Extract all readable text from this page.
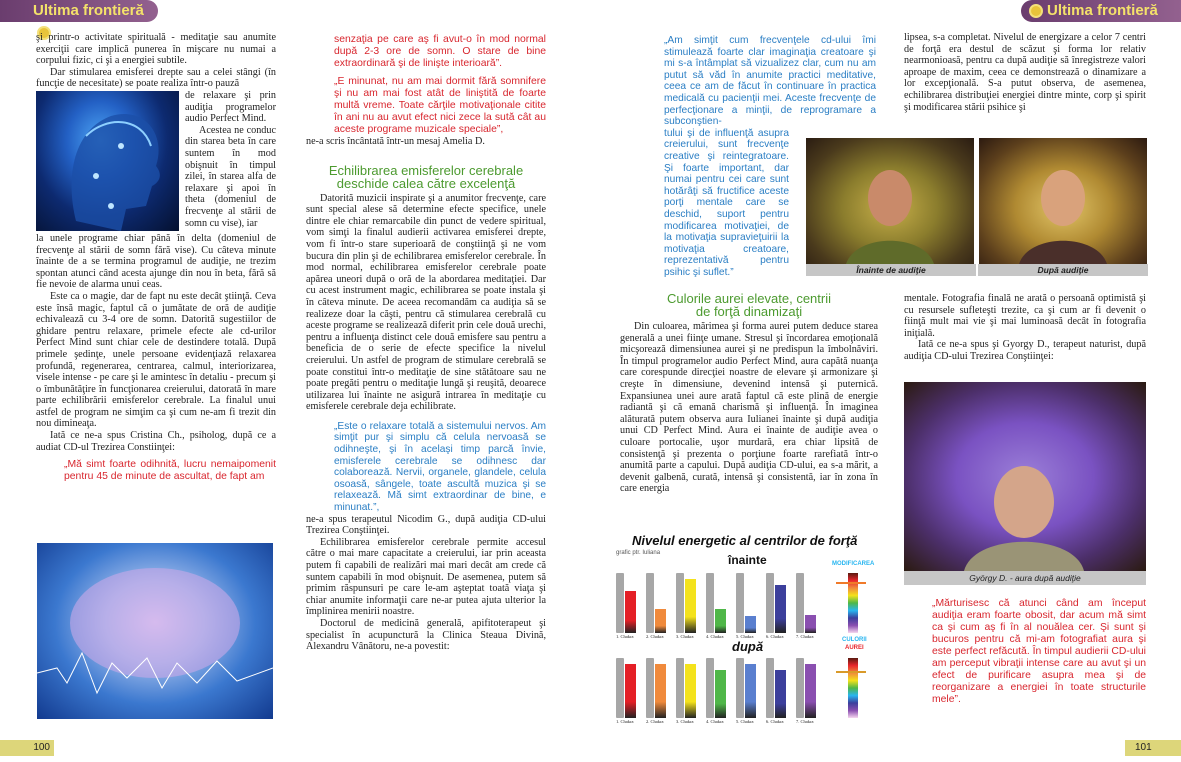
Ultima frontieră

şi printr-o activitate spirituală - meditaţie sau anumite exerciţii care implică punerea în mişcare nu numai a corpului fizic, ci şi a energiei subtile.

Dar stimularea emisferei drepte sau a celei stângi (în funcţie de necesitate) se poate realiza într-o pauză

de relaxare şi prin audiţia programelor audio Perfect Mind.

Acestea ne conduc din starea beta în care suntem în mod obişnuit în timpul zilei, în starea alfa de relaxare şi apoi în theta (domeniul de frecvenţe al stării de somn cu vise), iar

la unele programe chiar până în delta (domeniul de frecvenţe al stării de somn fără vise). Cu câteva minute înainte de a se termina programul de audiţie, ne trezim spontan atunci când acesta ajunge din nou în beta, fără să fie nevoie de alarma unui ceas.

Este ca o magie, dar de fapt nu este decât ştiinţă. Ceva este însă magic, faptul că o jumătate de oră de audiţie echivalează cu 3-4 ore de somn. Datorită sugestiilor de ghidare pentru relaxare, primele efecte ale cd-urilor Perfect Mind sunt chiar cele de destindere totală. După primele şedinţe, unele persoane evidenţiază relaxarea profundă, regenerarea, centrarea, calmul, interiorizarea, visele intense - pe care şi le amintesc în detaliu - precum şi o îmbunătăţire în funcţionarea creierului, datorată în mare parte echilibrării emisferelor cerebrale. La finalul unui astfel de program ne simţim ca şi cum ne-am fi trezit din nou dimineaţa.

Iată ce ne-a spus Cristina Ch., psiholog, după ce a audiat CD-ul Trezirea Constiinţei:

„Mă simt foarte odihnită, lucru nemaipomenit pentru 45 de minute de ascultat, de fapt am

senzaţia pe care aş fi avut-o în mod normal după 2-3 ore de somn. O stare de bine extraordinară şi de linişte interioară”.

„E minunat, nu am mai dormit fără somnifere şi nu am mai fost atât de liniştită de foarte multă vreme. Toate cărţile motivaţionale citite în ani nu au avut efect nici zece la sută cât au aceste programe muzicale speciale”,

ne-a scris încântată într-un mesaj Amelia D.

Echilibrarea emisferelor cerebrale deschide calea către excelenţă

Datorită muzicii inspirate şi a anumitor frecvenţe, care sunt special alese să determine efecte specifice, unele dintre ele chiar remarcabile din punct de vedere spiritual, vom simţi la finalul audierii activarea emisferei drepte, vom fi într-o stare superioară de conştiinţă şi ne vom bucura din plin şi de echilibrarea emisferelor cerebrale. În mod normal, echilibrarea emisferelor cerebrale poate apărea uneori după o oră de la abordarea meditaţiei. Dar cu acest instrument magic, echilibrarea se poate instala şi în câteva minute. De aceea recomandăm ca audiţia să se realizeze doar la căşti, pentru că stimularea cerebrală cu aceste programe se realizează diferit prin cele două urechi, pentru a influenţa distinct cele două emisfere sau pentru a beneficia de o serie de efecte specifice la nivelul creierului. Un astfel de program de stimulare cerebrală se poate constitui într-o meditaţie de sine stătătoare sau ne poate pregăti pentru o meditaţie lungă şi reuşită, deoarece utilizarea lui înainte ne asigură intrarea în meditaţie cu emisferele cerebrale deja echilibrate.

„Este o relaxare totală a sistemului nervos. Am simţit pur şi simplu că celula nervoasă se odihneşte, şi în acelaşi timp parcă învie, emisferele cerebrale se odihnesc dar colaborează. Nervii, organele, glandele, celula osoasă, sângele, toate ascultă muzica şi se relaxează. Mă simt extraordinar de bine, e minunat.”,

ne-a spus terapeutul Nicodim G., după audiţia CD-ului Trezirea Conştiinţei.

Echilibrarea emisferelor cerebrale permite accesul către o mai mare capacitate a creierului, iar prin aceasta putem fi capabili de realizări mai mari decât am crede că suntem capabili în mod obişnuit. De asemenea, putem să primim răspunsuri pe care le-am aşteptat toată viaţa şi chiar anumite informaţii care ne-ar putea ajuta ulterior la împlinirea menirii noastre.

Doctorul de medicină generală, apifitoterapeut şi specialist în acupunctură la Clinica Steaua Divină, Alexandru Vânătoru, ne-a povestit:

100
Ultima frontieră

„Am simţit cum frecvenţele cd-ului îmi stimulează foarte clar imaginaţia creatoare şi mi s-a întâmplat să vizualizez clar, cum nu am putut să văd în anumite practici meditative, ceea ce am de făcut în continuare în practica medicală cu pacienţii mei. Aceste frecvenţe de perfecţionare a minţii, de reprogramare a subconştien-

tului şi de influenţă asupra creierului, sunt frecvenţe creative şi reintegratoare. Şi foarte important, dar numai pentru cei care sunt hotărâţi să fructifice aceste porţi mentale care se deschid, suport pentru modificarea motivaţiei, de la motivaţia supravieţuirii la motivaţia creatoare, reprezentativă pentru psihic şi suflet.”

Culorile aurei elevate, centrii de forţă dinamizaţi

Din culoarea, mărimea şi forma aurei putem deduce starea generală a unei fiinţe umane. Stresul şi încordarea emoţională micşorează dimensiunea aurei şi ne predispun la îmbolnăviri. În timpul programelor audio Perfect Mind, aura capătă nuanţa care corespunde direcţiei noastre de elevare şi armonizare şi creşte în dimensiune, devenind intensă şi puternică. Expansiunea unei aure arată faptul că este plină de energie radiantă şi că emană charismă şi influenţă. În imaginea alăturată putem observa aura Iulianei înainte şi după audiţia unui CD Perfect Mind. Aura ei înainte de audiţie avea o culoare portocalie, uşor murdară, era chiar lipsită de consistenţă şi prezenta o porţiune foarte rarefiată într-o anumită parte a capului. După audiţia CD-ului, ea s-a mărit, a devenit galbenă, curată, intensă şi consistentă, iar în zona în care energia

Înainte de audiţie	După audiţie

lipsea, s-a completat. Nivelul de energizare a celor 7 centri de forţă era destul de scăzut şi forma lor relativ nearmonioasă, pentru ca după audiţie să înregistreze valori aproape de maxim, ceea ce demonstrează o dinamizare a lor excepţională. S-a putut observa, de asemenea, echilibrarea distribuţiei energiei dintre minte, corp şi spirit şi modificarea stării psihice şi

mentale. Fotografia finală ne arată o persoană optimistă şi cu resursele sufleteşti trezite, ca şi cum ar fi devenit o fiinţă mult mai vie şi mai luminoasă decât în fotografia iniţială.

Iată ce ne-a spus şi Gyorgy D., terapeut naturist, după audiţia CD-ului Trezirea Conştiinţei:

György D. - aura după audiţie

„Mărturisesc că atunci când am început audiţia eram foarte obosit, dar acum mă simt ca şi cum aş fi în al nouălea cer. Şi sunt şi bucuros pentru că mi-am fotografiat aura şi este perfect refăcută. În timpul audierii CD-ului am perceput vibraţii intense care au avut şi un efect de purificare asupra mea şi de reorganizare a energiei în toate structurile mele”.

Nivelul energetic al centrilor de forţă
grafic ptr. Iuliana	înainte
după
MODIFICAREA
CULORII
AUREI
1. Chakra	2. Chakra	3. Chakra	4. Chakra	5. Chakra	6. Chakra	7. Chakra
1. Chakra	2. Chakra	3. Chakra	4. Chakra	5. Chakra	6. Chakra	7. Chakra
101
